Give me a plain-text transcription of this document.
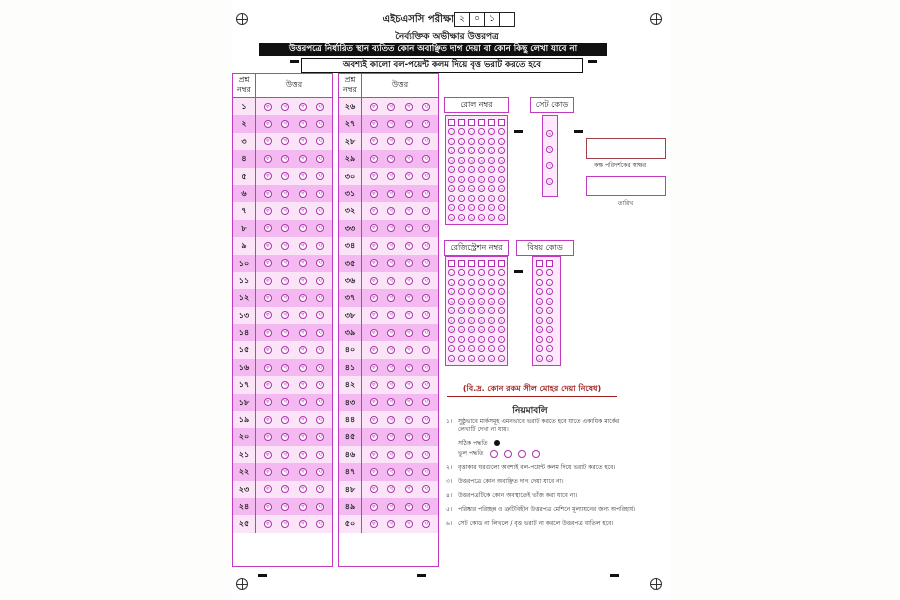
এইচএসসি পরীক্ষা ২	০	১
নৈর্ব্যক্তিক অভীক্ষার উত্তরপত্র
উত্তরপত্রে নির্ধারিত স্থান ব্যতিত কোন অবাঞ্ছিত দাগ দেয়া বা কোন কিছু লেখা যাবে না
অবশ্যই কালো বল-পয়েন্ট কলম দিয়ে বৃত্ত ভরাট করতে হবে
প্রশ্ন নম্বর
উত্তর
১	ক	খ	গ	ঘ
২	ক	খ	গ	ঘ
৩	ক	খ	গ	ঘ
৪	ক	খ	গ	ঘ
৫	ক	খ	গ	ঘ
৬	ক	খ	গ	ঘ
৭	ক	খ	গ	ঘ
৮	ক	খ	গ	ঘ
৯	ক	খ	গ	ঘ
১০	ক	খ	গ	ঘ
১১	ক	খ	গ	ঘ
১২	ক	খ	গ	ঘ
১৩	ক	খ	গ	ঘ
১৪	ক	খ	গ	ঘ
১৫	ক	খ	গ	ঘ
১৬	ক	খ	গ	ঘ
১৭	ক	খ	গ	ঘ
১৮	ক	খ	গ	ঘ
১৯	ক	খ	গ	ঘ
২০	ক	খ	গ	ঘ
২১	ক	খ	গ	ঘ
২২	ক	খ	গ	ঘ
২৩	ক	খ	গ	ঘ
২৪	ক	খ	গ	ঘ
২৫	ক	খ	গ	ঘ
প্রশ্ন নম্বর
উত্তর
২৬	ক	খ	গ	ঘ
২৭	ক	খ	গ	ঘ
২৮	ক	খ	গ	ঘ
২৯	ক	খ	গ	ঘ
৩০	ক	খ	গ	ঘ
৩১	ক	খ	গ	ঘ
৩২	ক	খ	গ	ঘ
৩৩	ক	খ	গ	ঘ
৩৪	ক	খ	গ	ঘ
৩৫	ক	খ	গ	ঘ
৩৬	ক	খ	গ	ঘ
৩৭	ক	খ	গ	ঘ
৩৮	ক	খ	গ	ঘ
৩৯	ক	খ	গ	ঘ
৪০	ক	খ	গ	ঘ
৪১	ক	খ	গ	ঘ
৪২	ক	খ	গ	ঘ
৪৩	ক	খ	গ	ঘ
৪৪	ক	খ	গ	ঘ
৪৫	ক	খ	গ	ঘ
৪৬	ক	খ	গ	ঘ
৪৭	ক	খ	গ	ঘ
৪৮	ক	খ	গ	ঘ
৪৯	ক	খ	গ	ঘ
৫০	ক	খ	গ	ঘ
রোল নম্বর
০
১
২
৩
৪
৫
৬
৭
৮
৯
০
১
২
৩
৪
৫
৬
৭
৮
৯
০
১
২
৩
৪
৫
৬
৭
৮
৯
০
১
২
৩
৪
৫
৬
৭
৮
৯
০
১
২
৩
৪
৫
৬
৭
৮
৯
০
১
২
৩
৪
৫
৬
৭
৮
৯
সেট কোড
ক
খ
গ
ঘ
কক্ষ পরিদর্শকের স্বাক্ষর
তারিখ
রেজিস্ট্রেশন নম্বর
০
১
২
৩
৪
৫
৬
৭
৮
৯
০
১
২
৩
৪
৫
৬
৭
৮
৯
০
১
২
৩
৪
৫
৬
৭
৮
৯
০
১
২
৩
৪
৫
৬
৭
৮
৯
০
১
২
৩
৪
৫
৬
৭
৮
৯
০
১
২
৩
৪
৫
৬
৭
৮
৯
বিষয় কোড
০
১
২
৩
৪
৫
৬
৭
৮
৯
০
১
২
৩
৪
৫
৬
৭
৮
৯
(বি.দ্র. কোন রকম সীল মোহর দেয়া নিষেধ)
নিয়মাবলি
১। সুষ্ঠুভাবে মার্কসমূহ এমনভাবে ভরাট করতে হবে যাতে একাধিক মার্কের লেখাটি দেখা না যায়।
সঠিক পদ্ধতি
ভুল পদ্ধতি
২। বৃত্তাকার ঘরগুলো অবশ্যই বল-পয়েন্ট কলম দিয়ে ভরাট করতে হবে।
৩। উত্তরপত্রে কোন অবাঞ্ছিত দাগ দেয়া যাবে না।
৪। উত্তরপত্রটিকে কোন অবস্থাতেই ভাঁজ করা যাবে না।
৫। পরিষ্কার পরিচ্ছন্ন ও ত্রুটিবিহীন উত্তরপত্র মেশিনে মূল্যায়নের জন্য অপরিহার্য।
৬। সেট কোড না লিখলে / বৃত্ত ভরাট না করলে উত্তরপত্র বাতিল হবে।
